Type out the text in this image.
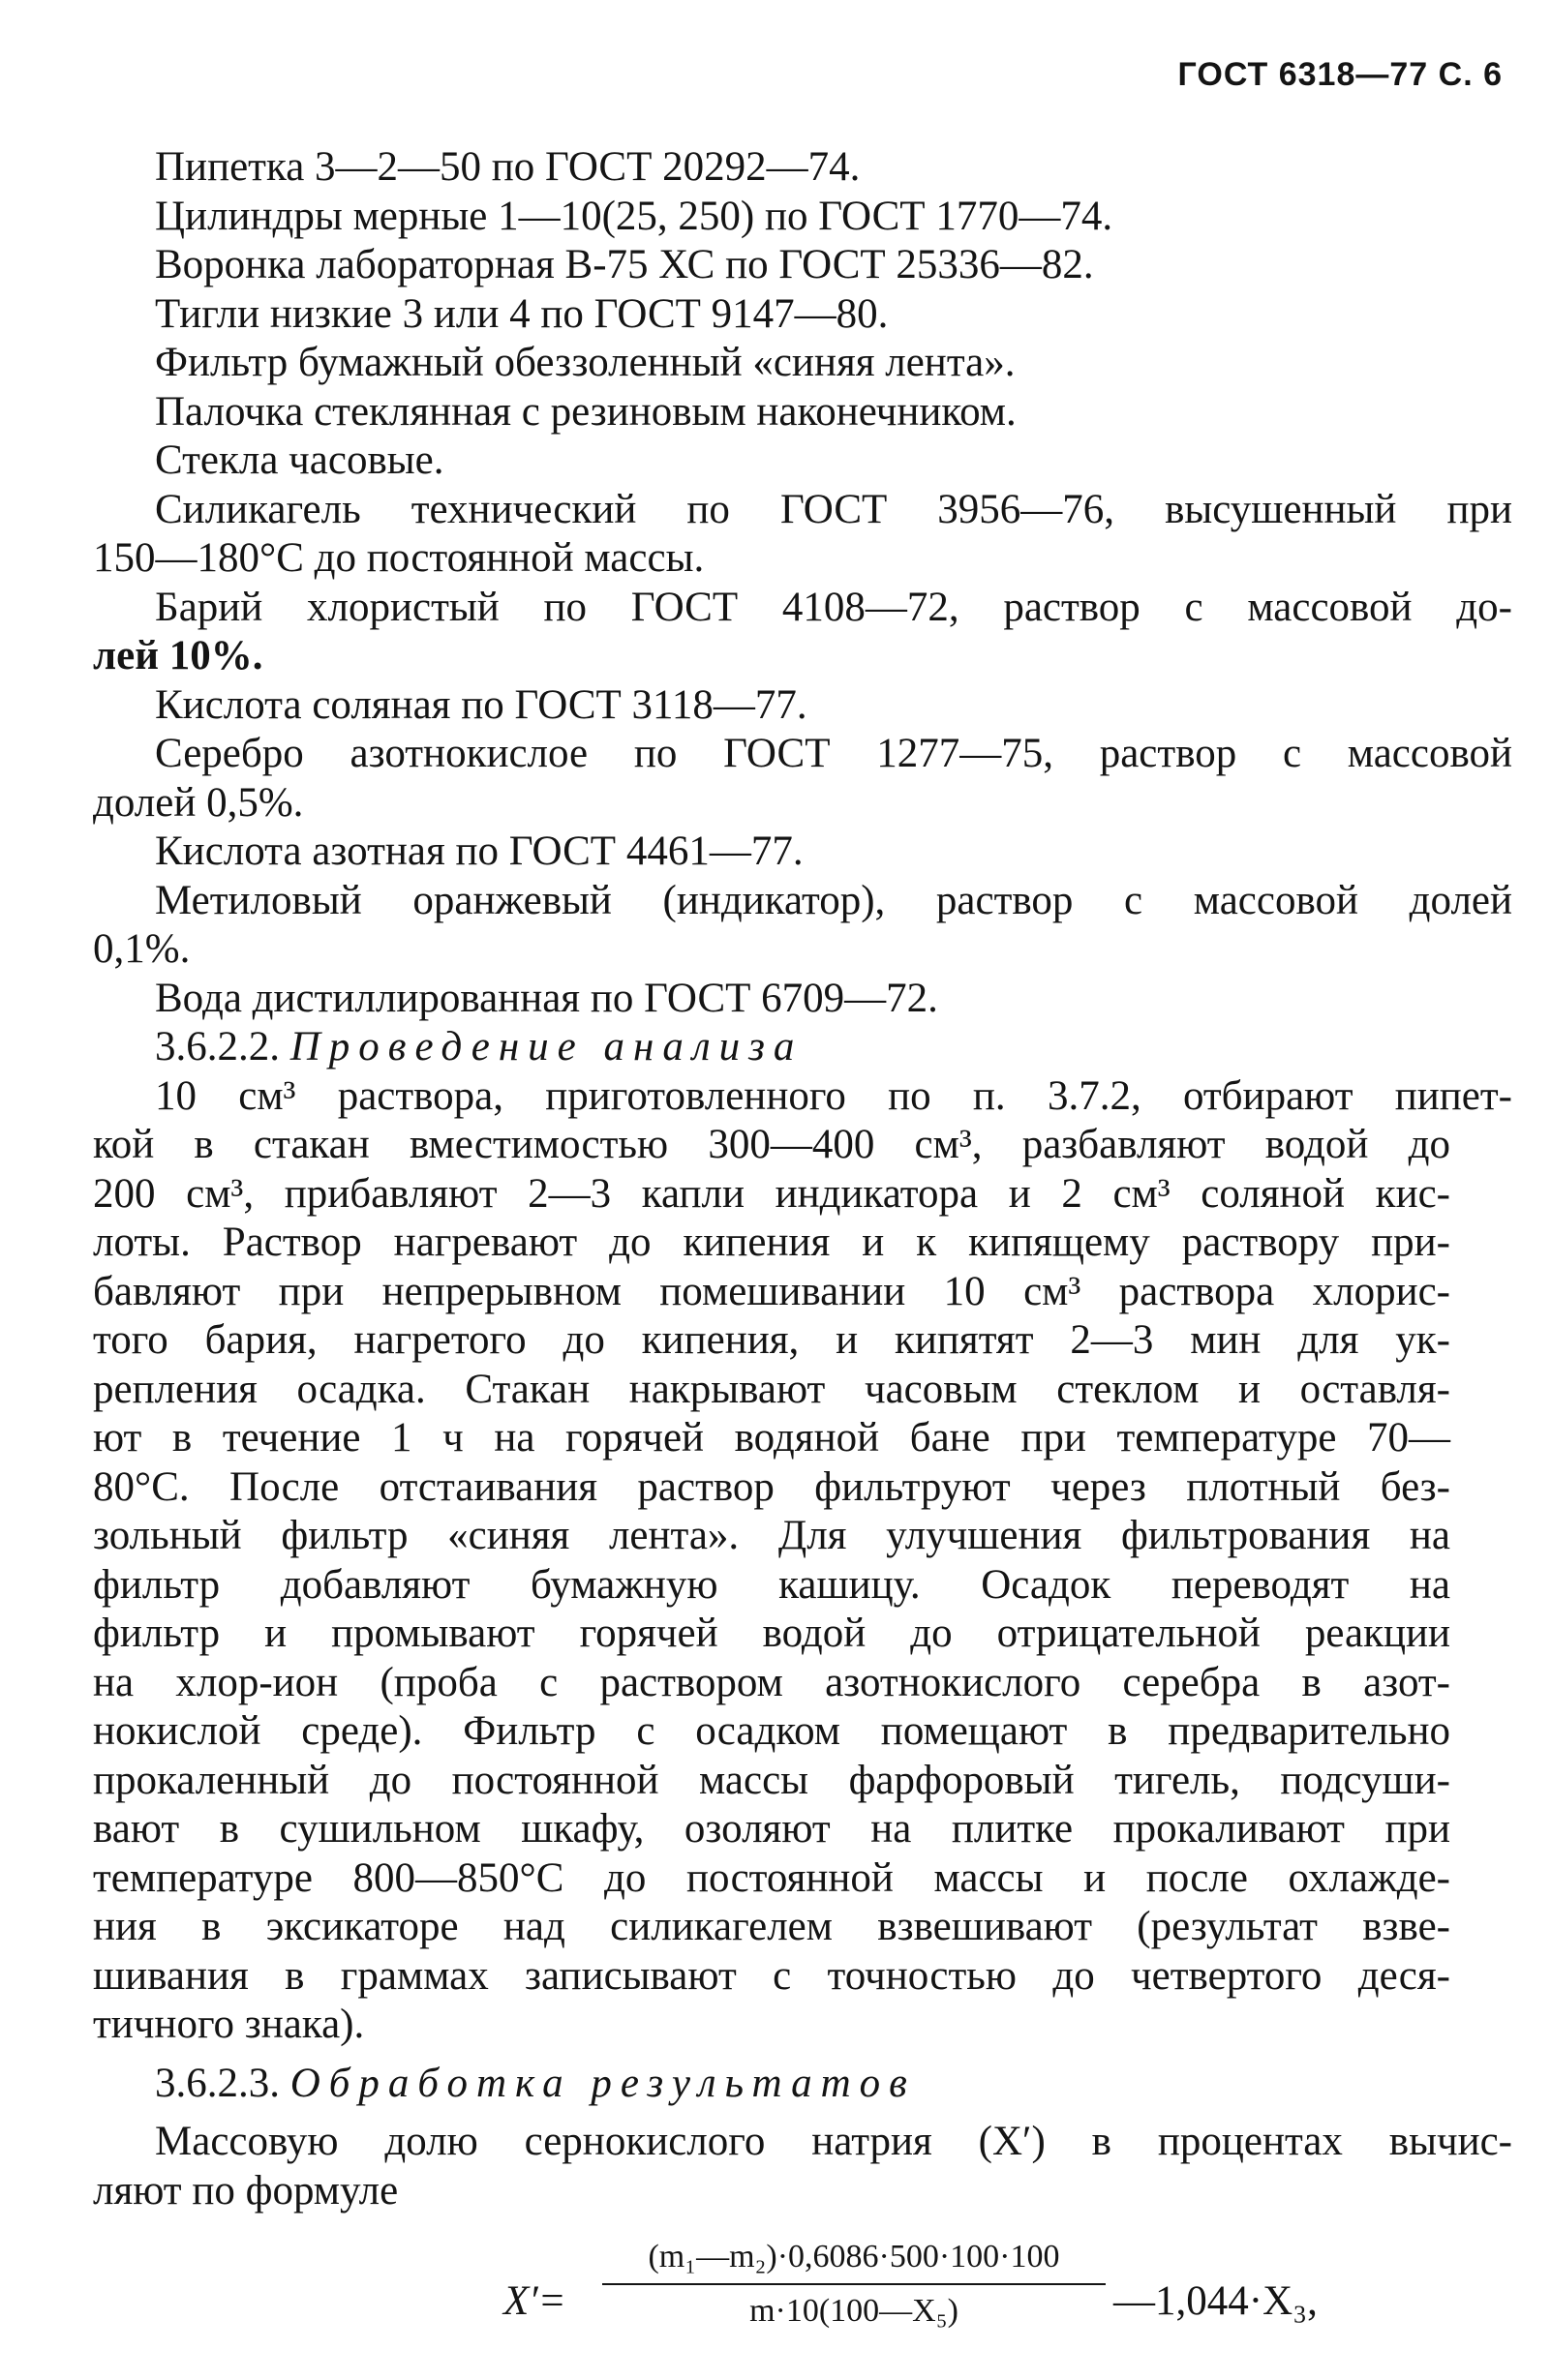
ГОСТ 6318—77 С. 6
Пипетка 3—2—50 по ГОСТ 20292—74.
Цилиндры мерные 1—10(25, 250) по ГОСТ 1770—74.
Воронка лабораторная В-75 ХС по ГОСТ 25336—82.
Тигли низкие 3 или 4 по ГОСТ 9147—80.
Фильтр бумажный обеззоленный «синяя лента».
Палочка стеклянная с резиновым наконечником.
Стекла часовые.
Силикагель технический по ГОСТ 3956—76, высушенный при
150—180°С до постоянной массы.
Барий хлористый по ГОСТ 4108—72, раствор с массовой до-
лей 10%.
Кислота соляная по ГОСТ 3118—77.
Серебро азотнокислое по ГОСТ 1277—75, раствор с массовой
долей 0,5%.
Кислота азотная по ГОСТ 4461—77.
Метиловый оранжевый (индикатор), раствор с массовой долей
0,1%.
Вода дистиллированная по ГОСТ 6709—72.
3.6.2.2. Проведение анализа
10 см³ раствора, приготовленного по п. 3.7.2, отбирают пипет-
кой в стакан вместимостью 300—400 см³, разбавляют водой до
200 см³, прибавляют 2—3 капли индикатора и 2 см³ соляной кис-
лоты. Раствор нагревают до кипения и к кипящему раствору при-
бавляют при непрерывном помешивании 10 см³ раствора хлорис-
того бария, нагретого до кипения, и кипятят 2—3 мин для ук-
репления осадка. Стакан накрывают часовым стеклом и оставля-
ют в течение 1 ч на горячей водяной бане при температуре 70—
80°С. После отстаивания раствор фильтруют через плотный без-
зольный фильтр «синяя лента». Для улучшения фильтрования на
фильтр добавляют бумажную кашицу. Осадок переводят на
фильтр и промывают горячей водой до отрицательной реакции
на хлор-ион (проба с раствором азотнокислого серебра в азот-
нокислой среде). Фильтр с осадком помещают в предварительно
прокаленный до постоянной массы фарфоровый тигель, подсуши-
вают в сушильном шкафу, озоляют на плитке прокаливают при
температуре 800—850°С до постоянной массы и после охлажде-
ния в эксикаторе над силикагелем взвешивают (результат взве-
шивания в граммах записывают с точностью до четвертого деся-
тичного знака).
3.6.2.3. Обработка результатов
Массовую долю сернокислого натрия (X′) в процентах вычис-
ляют по формуле
$X'= \frac{\text{(m₁—m₂)·0,6086·500·100·100}}{\text{m·10(100—X₅)}}$ —1,044·X₃,
